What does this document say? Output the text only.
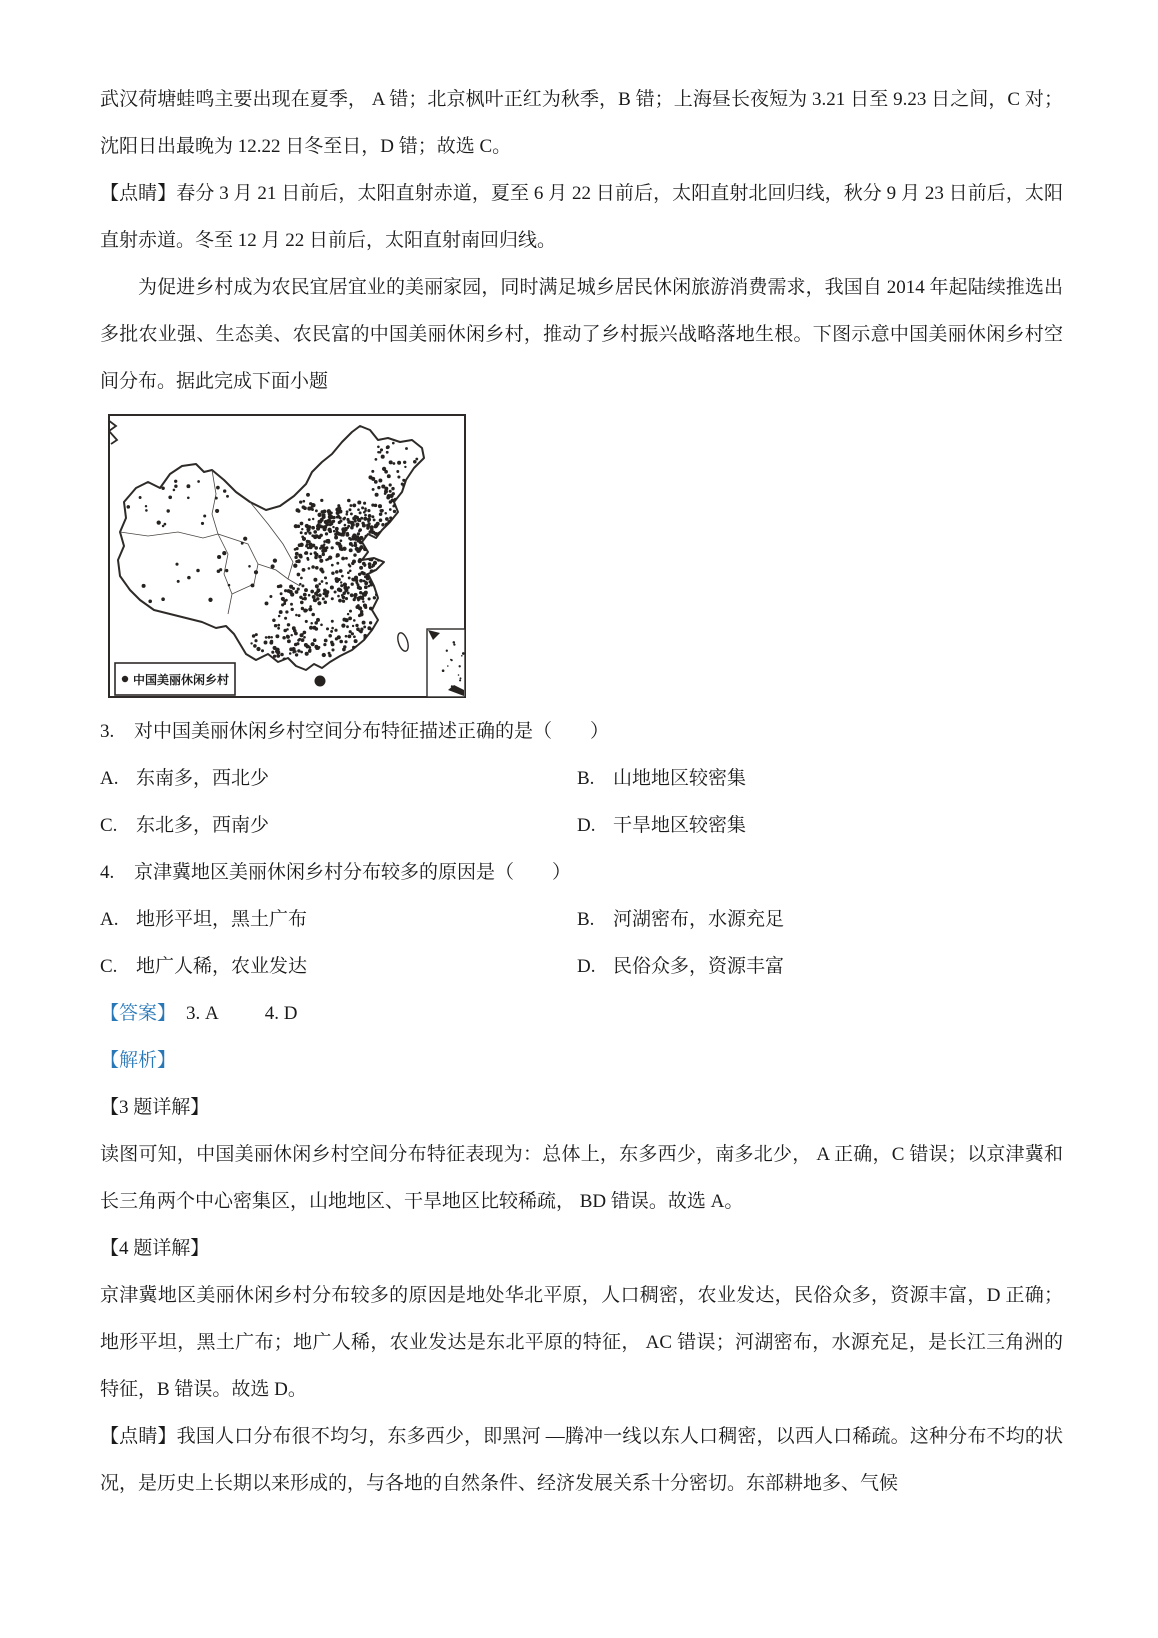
武汉荷塘蛙鸣主要出现在夏季， A 错；北京枫叶正红为秋季，B 错；上海昼长夜短为 3.21 日至 9.23 日之间，C 对；沈阳日出最晚为 12.22 日冬至日，D 错；故选 C。

【点睛】春分 3 月 21 日前后，太阳直射赤道，夏至 6 月 22 日前后，太阳直射北回归线，秋分 9 月 23 日前后，太阳直射赤道。冬至 12 月 22 日前后，太阳直射南回归线。

为促进乡村成为农民宜居宜业的美丽家园，同时满足城乡居民休闲旅游消费需求，我国自 2014 年起陆续推选出多批农业强、生态美、农民富的中国美丽休闲乡村，推动了乡村振兴战略落地生根。下图示意中国美丽休闲乡村空间分布。据此完成下面小题

中国美丽休闲乡村
3.	对中国美丽休闲乡村空间分布特征描述正确的是（　　）
A. 东南多，西北少	B. 山地地区较密集
C. 东北多，西南少	D. 干旱地区较密集
4.	京津冀地区美丽休闲乡村分布较多的原因是（　　）
A. 地形平坦，黑土广布	B. 河湖密布，水源充足
C. 地广人稀，农业发达	D. 民俗众多，资源丰富

【答案】 3. A 4. D

【解析】

【3 题详解】

读图可知，中国美丽休闲乡村空间分布特征表现为：总体上，东多西少，南多北少， A 正确，C 错误；以京津冀和长三角两个中心密集区，山地地区、干旱地区比较稀疏， BD 错误。故选 A。

【4 题详解】

京津冀地区美丽休闲乡村分布较多的原因是地处华北平原，人口稠密，农业发达，民俗众多，资源丰富，D 正确；地形平坦，黑土广布；地广人稀，农业发达是东北平原的特征， AC 错误；河湖密布，水源充足，是长江三角洲的特征，B 错误。故选 D。

【点睛】我国人口分布很不均匀，东多西少，即黑河 —腾冲一线以东人口稠密，以西人口稀疏。这种分布不均的状况，是历史上长期以来形成的，与各地的自然条件、经济发展关系十分密切。东部耕地多、气候
